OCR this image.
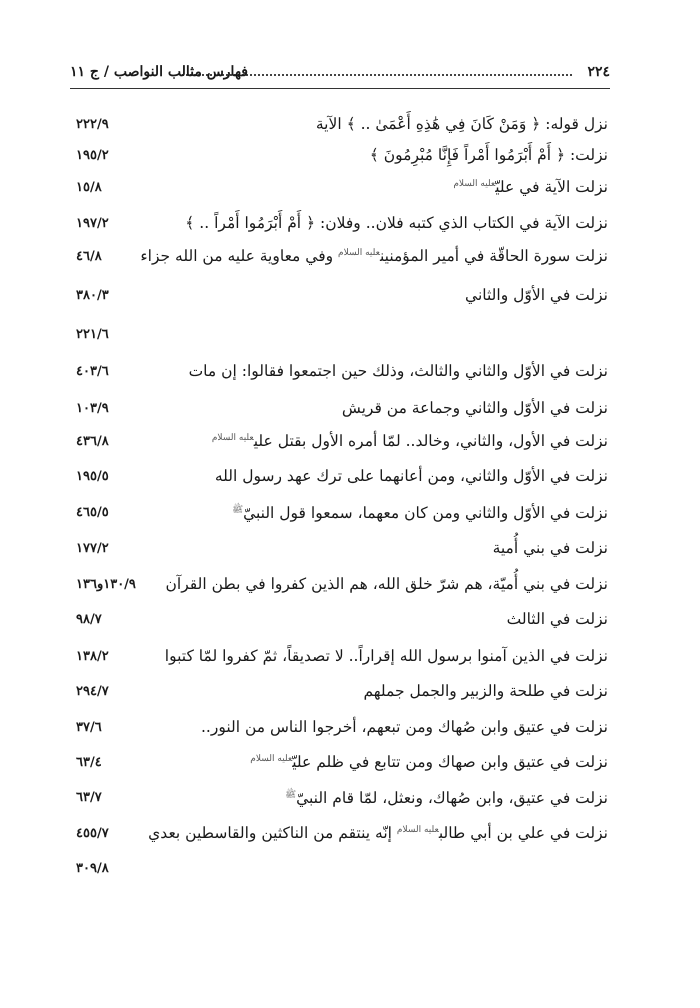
٢٢٤
فهارس مثالب النواصب / ج ١١
نزل قوله: ﴿ وَمَنْ كَانَ فِي هَٰذِهِ أَعْمَىٰ .. ﴾ الآية
٢٢٢/٩
نزلت: ﴿ أَمْ أَبْرَمُوا أَمْراً فَإِنَّا مُبْرِمُونَ ﴾
١٩٥/٢
نزلت الآية في عليّ$^{عليه السلام}$
١٥/٨
نزلت الآية في الكتاب الذي كتبه فلان.. وفلان: ﴿ أَمْ أَبْرَمُوا أَمْراً .. ﴾
١٩٧/٢
نزلت سورة الحاقّة في أمير المؤمنين$^{عليه السلام}$ وفي معاوية عليه من الله جزاء
٤٦/٨
نزلت في الأوّل والثاني
٣٨٠/٣
٢٢١/٦
نزلت في الأوّل والثاني والثالث، وذلك حين اجتمعوا فقالوا: إن مات
٤٠٣/٦
نزلت في الأوّل والثاني وجماعة من قريش
١٠٣/٩
نزلت في الأول، والثاني، وخالد.. لمّا أمره الأول بقتل علي$^{عليه السلام}$
٤٣٦/٨
نزلت في الأوّل والثاني، ومن أعانهما على ترك عهد رسول الله
١٩٥/٥
نزلت في الأوّل والثاني ومن كان معهما، سمعوا قول النبيّ$^ﷺ$
٤٦٥/٥
نزلت في بني أُمية
١٧٧/٢
نزلت في بني أُميّة، هم شرّ خلق الله، هم الذين كفروا في بطن القرآن
١٣٠/٩و١٣٦
نزلت في الثالث
٩٨/٧
نزلت في الذين آمنوا برسول الله إقراراً.. لا تصديقاً، ثمّ كفروا لمّا كتبوا
١٣٨/٢
نزلت في طلحة والزبير والجمل جملهم
٢٩٤/٧
نزلت في عتيق وابن صُهاك ومن تبعهم، أخرجوا الناس من النور..
٣٧/٦
نزلت في عتيق وابن صهاك ومن تتابع في ظلم عليّ$^{عليه السلام}$
٦٣/٤
نزلت في عتيق، وابن صُهاك، ونعثل، لمّا قام النبيّ$^ﷺ$
٦٣/٧
نزلت في علي بن أبي طالب$^{عليه السلام}$ إنّه ينتقم من الناكثين والقاسطين بعدي
٤٥٥/٧
٣٠٩/٨
